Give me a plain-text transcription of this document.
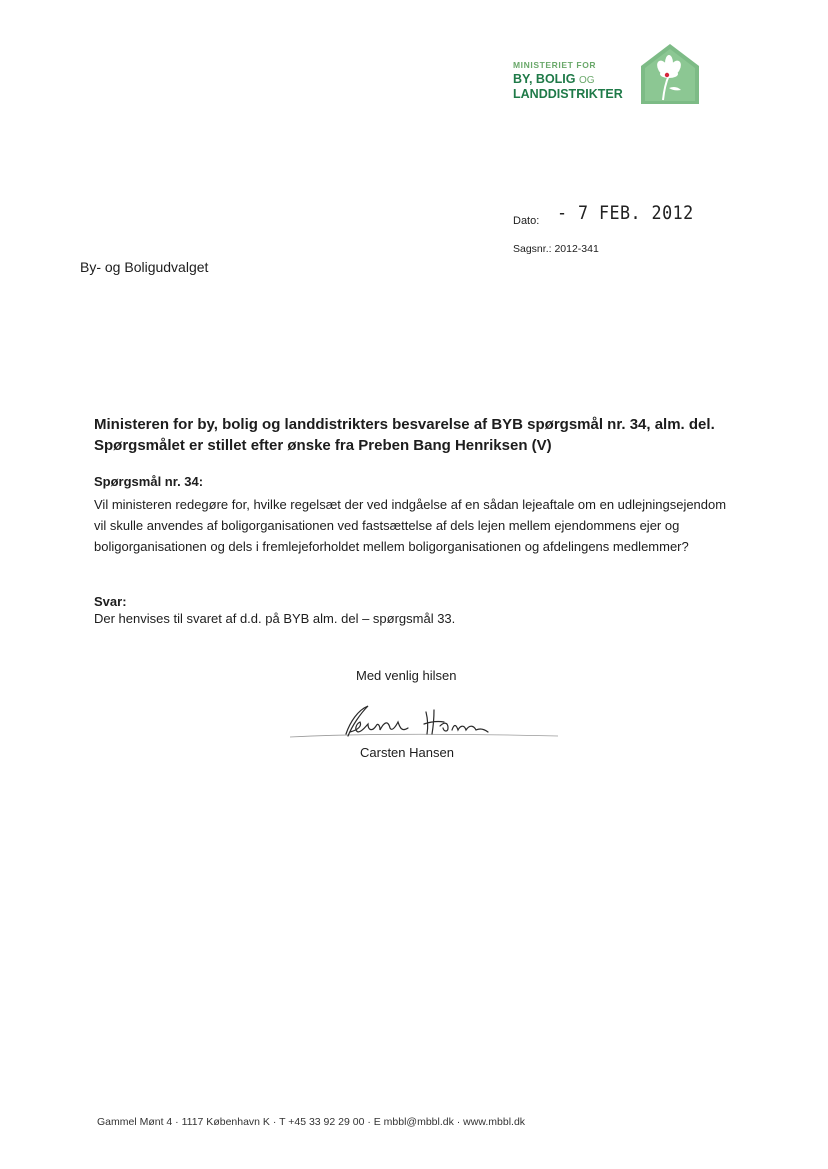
MINISTERIET FOR
BY, BOLIG OG
LANDDISTRIKTER
Dato: - 7 FEB. 2012
Sagsnr.: 2012-341
By- og Boligudvalget
Ministeren for by, bolig og landdistrikters besvarelse af BYB spørgsmål nr. 34, alm. del. Spørgsmålet er stillet efter ønske fra Preben Bang Henriksen (V)
Spørgsmål nr. 34:
Vil ministeren redegøre for, hvilke regelsæt der ved indgåelse af en sådan lejeaftale om en udlejningsejendom vil skulle anvendes af boligorganisationen ved fastsættelse af dels lejen mellem ejendommens ejer og boligorganisationen og dels i fremlejeforholdet mellem boligorganisationen og afdelingens medlemmer?
Svar:
Der henvises til svaret af d.d. på BYB alm. del – spørgsmål 33.
Med venlig hilsen
Carsten Hansen
Gammel Mønt 4 · 1117 København K · T +45 33 92 29 00 · E mbbl@mbbl.dk · www.mbbl.dk
